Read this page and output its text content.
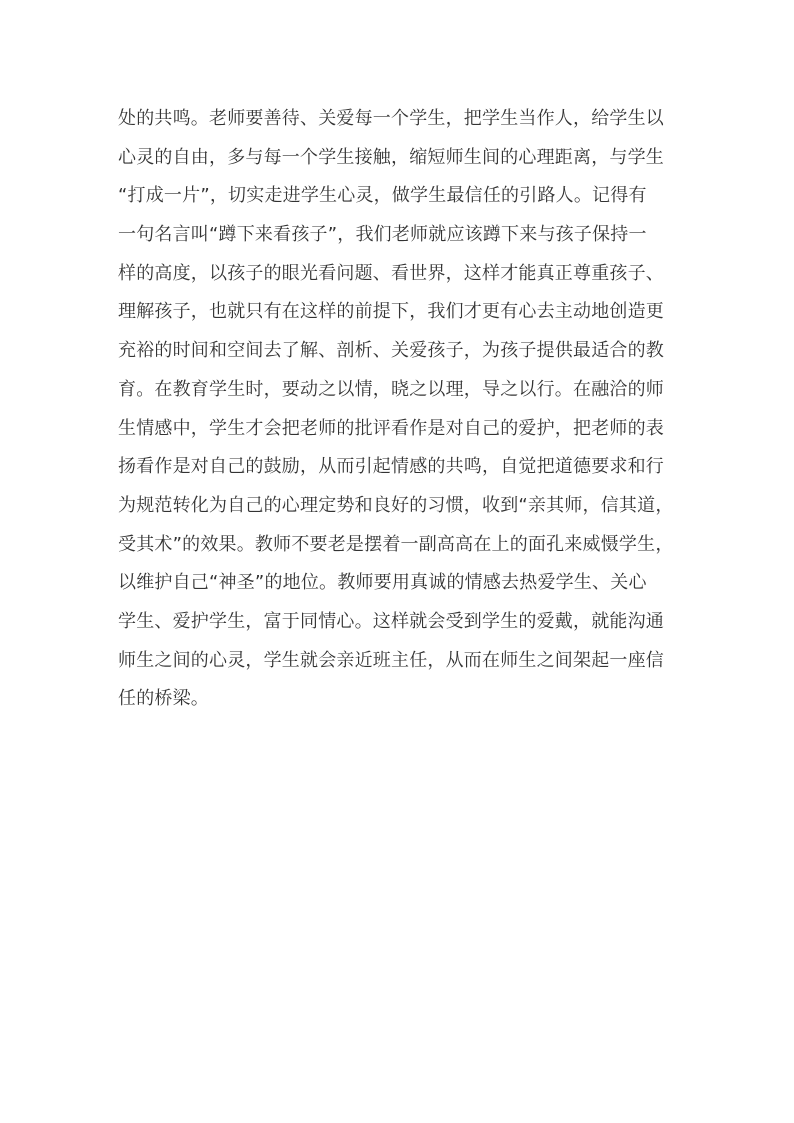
处的共鸣。老师要善待、关爱每一个学生，把学生当作人，给学生以
心灵的自由，多与每一个学生接触，缩短师生间的心理距离，与学生
“打成一片”，切实走进学生心灵，做学生最信任的引路人。记得有
一句名言叫“蹲下来看孩子”，我们老师就应该蹲下来与孩子保持一
样的高度，以孩子的眼光看问题、看世界，这样才能真正尊重孩子、
理解孩子，也就只有在这样的前提下，我们才更有心去主动地创造更
充裕的时间和空间去了解、剖析、关爱孩子，为孩子提供最适合的教
育。在教育学生时，要动之以情，晓之以理，导之以行。在融洽的师
生情感中，学生才会把老师的批评看作是对自己的爱护，把老师的表
扬看作是对自己的鼓励，从而引起情感的共鸣，自觉把道德要求和行
为规范转化为自己的心理定势和良好的习惯，收到“亲其师，信其道，
受其术”的效果。教师不要老是摆着一副高高在上的面孔来威慑学生，
以维护自己“神圣”的地位。教师要用真诚的情感去热爱学生、关心
学生、爱护学生，富于同情心。这样就会受到学生的爱戴，就能沟通
师生之间的心灵，学生就会亲近班主任，从而在师生之间架起一座信
任的桥梁。
